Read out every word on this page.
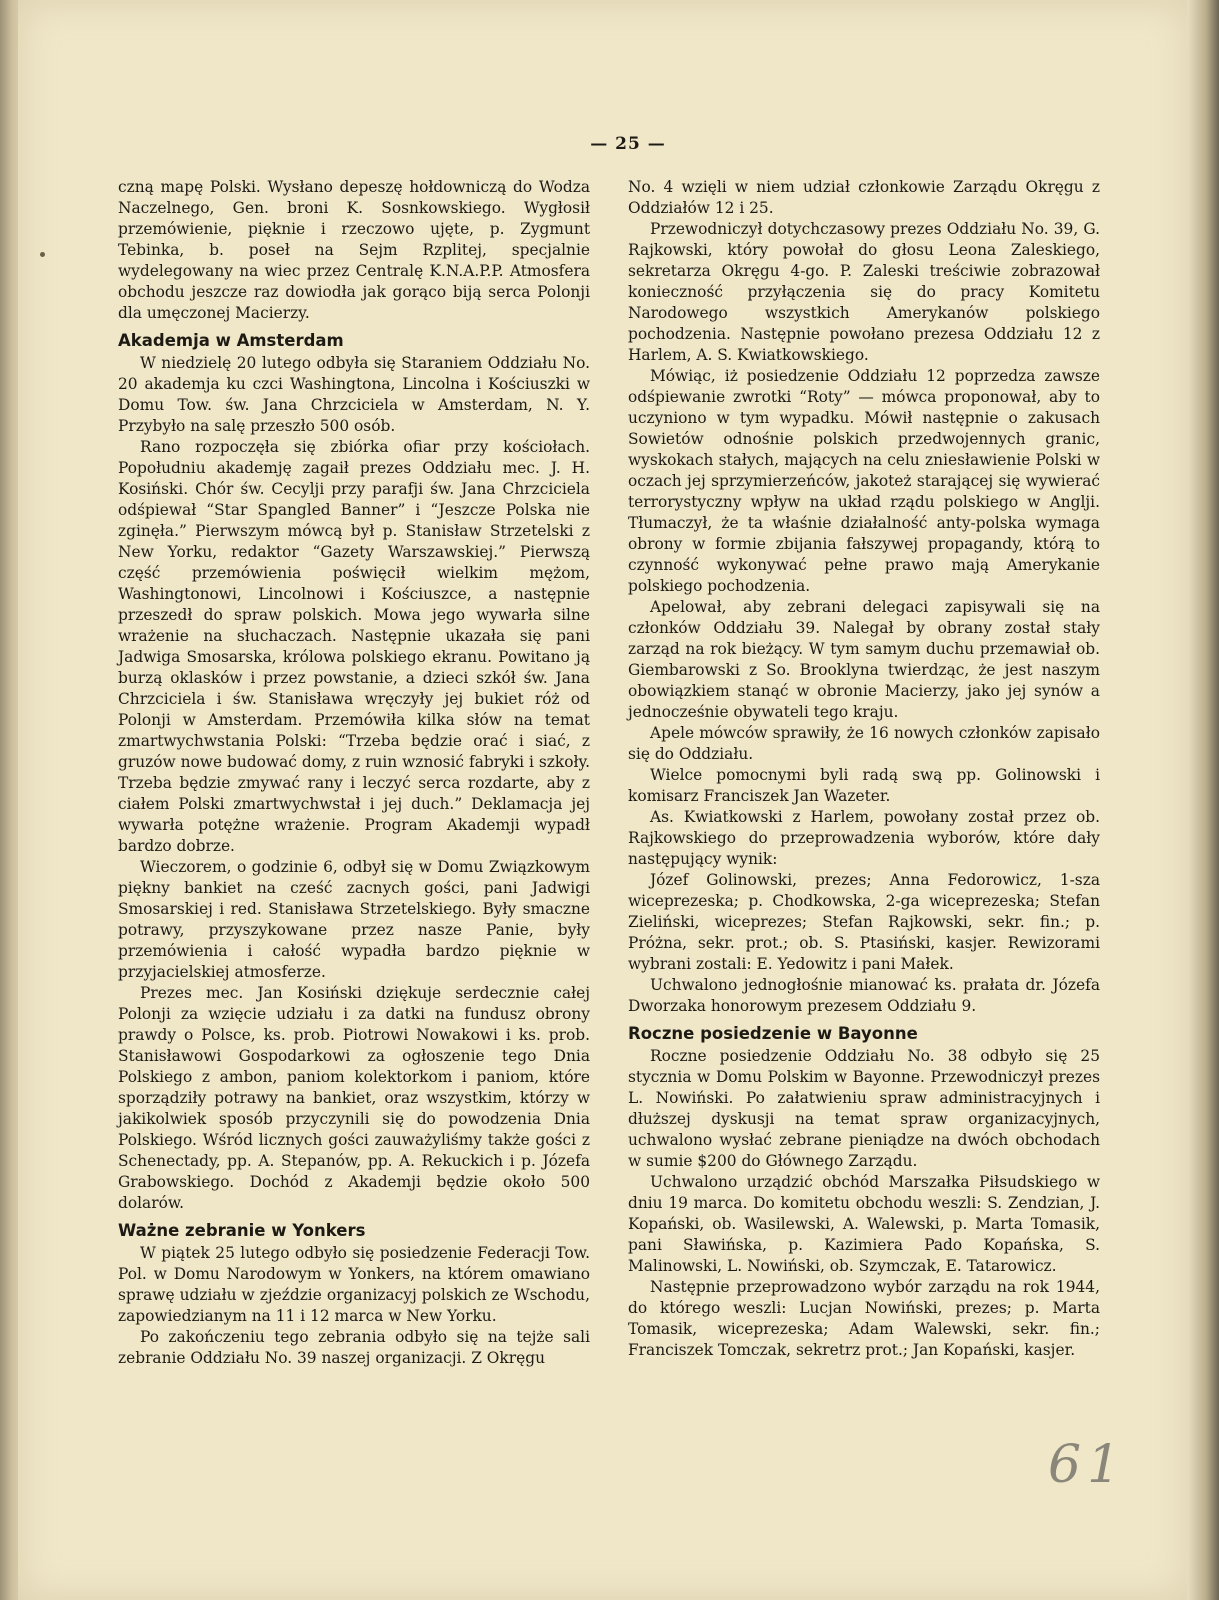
— 25 —

czną mapę Polski. Wysłano depeszę hołdowniczą do Wodza Naczelnego, Gen. broni K. Sosnkowskiego. Wygłosił przemówienie, pięknie i rzeczowo ujęte, p. Zygmunt Tebinka, b. poseł na Sejm Rzplitej, specjalnie wydelegowany na wiec przez Centralę K.N.A.P.P. Atmosfera obchodu jeszcze raz dowiodła jak gorąco biją serca Polonji dla umęczonej Macierzy.

Akademja w Amsterdam

W niedzielę 20 lutego odbyła się Staraniem Oddziału No. 20 akademja ku czci Washingtona, Lincolna i Kościuszki w Domu Tow. św. Jana Chrzciciela w Amsterdam, N. Y. Przybyło na salę przeszło 500 osób.

Rano rozpoczęła się zbiórka ofiar przy kościołach. Popołudniu akademję zagaił prezes Oddziału mec. J. H. Kosiński. Chór św. Cecylji przy parafji św. Jana Chrzciciela odśpiewał “Star Spangled Banner” i “Jeszcze Polska nie zginęła.” Pierwszym mówcą był p. Stanisław Strzetelski z New Yorku, redaktor “Gazety Warszawskiej.” Pierwszą część przemówienia poświęcił wielkim mężom, Washingtonowi, Lincolnowi i Kościuszce, a następnie przeszedł do spraw polskich. Mowa jego wywarła silne wrażenie na słuchaczach. Następnie ukazała się pani Jadwiga Smosarska, królowa polskiego ekranu. Powitano ją burzą oklasków i przez powstanie, a dzieci szkół św. Jana Chrzciciela i św. Stanisława wręczyły jej bukiet róż od Polonji w Amsterdam. Przemówiła kilka słów na temat zmartwychwstania Polski: “Trzeba będzie orać i siać, z gruzów nowe budować domy, z ruin wznosić fabryki i szkoły. Trzeba będzie zmywać rany i leczyć serca rozdarte, aby z ciałem Polski zmartwychwstał i jej duch.” Deklamacja jej wywarła potężne wrażenie. Program Akademji wypadł bardzo dobrze.

Wieczorem, o godzinie 6, odbył się w Domu Związkowym piękny bankiet na cześć zacnych gości, pani Jadwigi Smosarskiej i red. Stanisława Strzetelskiego. Były smaczne potrawy, przyszykowane przez nasze Panie, były przemówienia i całość wypadła bardzo pięknie w przyjacielskiej atmosferze.

Prezes mec. Jan Kosiński dziękuje serdecznie całej Polonji za wzięcie udziału i za datki na fundusz obrony prawdy o Polsce, ks. prob. Piotrowi Nowakowi i ks. prob. Stanisławowi Gospodarkowi za ogłoszenie tego Dnia Polskiego z ambon, paniom kolektorkom i paniom, które sporządziły potrawy na bankiet, oraz wszystkim, którzy w jakikolwiek sposób przyczynili się do powodzenia Dnia Polskiego. Wśród licznych gości zauważyliśmy także gości z Schenectady, pp. A. Stepanów, pp. A. Rekuckich i p. Józefa Grabowskiego. Dochód z Akademji będzie około 500 dolarów.

Ważne zebranie w Yonkers

W piątek 25 lutego odbyło się posiedzenie Federacji Tow. Pol. w Domu Narodowym w Yonkers, na którem omawiano sprawę udziału w zjeździe organizacyj polskich ze Wschodu, zapowiedzianym na 11 i 12 marca w New Yorku.

Po zakończeniu tego zebrania odbyło się na tejże sali zebranie Oddziału No. 39 naszej organizacji. Z Okręgu

No. 4 wzięli w niem udział członkowie Zarządu Okręgu z Oddziałów 12 i 25.

Przewodniczył dotychczasowy prezes Oddziału No. 39, G. Rajkowski, który powołał do głosu Leona Zaleskiego, sekretarza Okręgu 4-go. P. Zaleski treściwie zobrazował konieczność przyłączenia się do pracy Komitetu Narodowego wszystkich Amerykanów polskiego pochodzenia. Następnie powołano prezesa Oddziału 12 z Harlem, A. S. Kwiatkowskiego.

Mówiąc, iż posiedzenie Oddziału 12 poprzedza zawsze odśpiewanie zwrotki “Roty” — mówca proponował, aby to uczyniono w tym wypadku. Mówił następnie o zakusach Sowietów odnośnie polskich przedwojennych granic, wyskokach stałych, mających na celu zniesławienie Polski w oczach jej sprzymierzeńców, jakoteż starającej się wywierać terrorystyczny wpływ na układ rządu polskiego w Anglji. Tłumaczył, że ta właśnie działalność anty-polska wymaga obrony w formie zbijania fałszywej propagandy, którą to czynność wykonywać pełne prawo mają Amerykanie polskiego pochodzenia.

Apelował, aby zebrani delegaci zapisywali się na członków Oddziału 39. Nalegał by obrany został stały zarząd na rok bieżący. W tym samym duchu przemawiał ob. Giembarowski z So. Brooklyna twierdząc, że jest naszym obowiązkiem stanąć w obronie Macierzy, jako jej synów a jednocześnie obywateli tego kraju.

Apele mówców sprawiły, że 16 nowych członków zapisało się do Oddziału.

Wielce pomocnymi byli radą swą pp. Golinowski i komisarz Franciszek Jan Wazeter.

As. Kwiatkowski z Harlem, powołany został przez ob. Rajkowskiego do przeprowadzenia wyborów, które dały następujący wynik:

Józef Golinowski, prezes; Anna Fedorowicz, 1-sza wiceprezeska; p. Chodkowska, 2-ga wiceprezeska; Stefan Zieliński, wiceprezes; Stefan Rajkowski, sekr. fin.; p. Próżna, sekr. prot.; ob. S. Ptasiński, kasjer. Rewizorami wybrani zostali: E. Yedowitz i pani Małek.

Uchwalono jednogłośnie mianować ks. prałata dr. Józefa Dworzaka honorowym prezesem Oddziału 9.

Roczne posiedzenie w Bayonne

Roczne posiedzenie Oddziału No. 38 odbyło się 25 stycznia w Domu Polskim w Bayonne. Przewodniczył prezes L. Nowiński. Po załatwieniu spraw administracyjnych i dłuższej dyskusji na temat spraw organizacyjnych, uchwalono wysłać zebrane pieniądze na dwóch obchodach w sumie $200 do Głównego Zarządu.

Uchwalono urządzić obchód Marszałka Piłsudskiego w dniu 19 marca. Do komitetu obchodu weszli: S. Zendzian, J. Kopański, ob. Wasilewski, A. Walewski, p. Marta Tomasik, pani Sławińska, p. Kazimiera Pado Kopańska, S. Malinowski, L. Nowiński, ob. Szymczak, E. Tatarowicz.

Następnie przeprowadzono wybór zarządu na rok 1944, do którego weszli: Lucjan Nowiński, prezes; p. Marta Tomasik, wiceprezeska; Adam Walewski, sekr. fin.; Franciszek Tomczak, sekretrz prot.; Jan Kopański, kasjer.

61
